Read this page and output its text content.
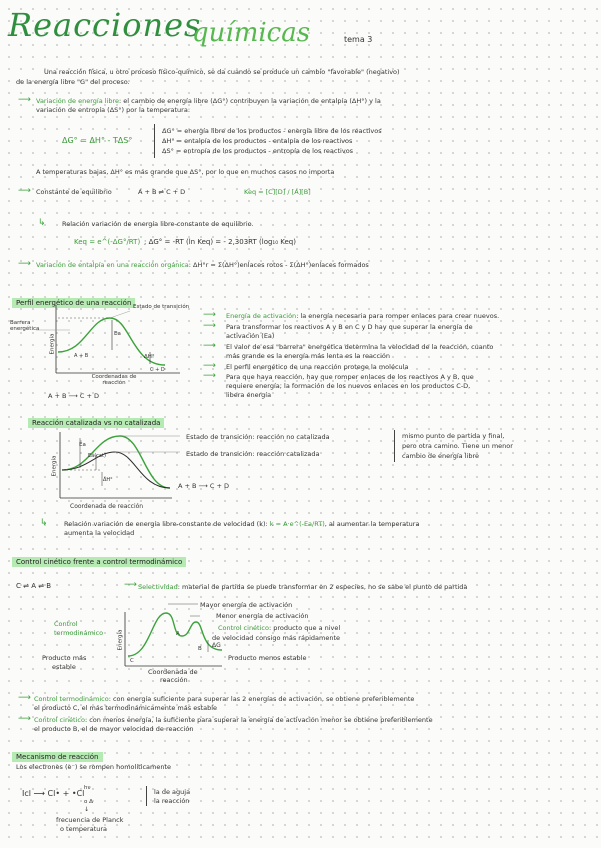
Reacciones
químicas	tema 3
Una reacción física, u otro proceso físico-químico, se da cuando se produce un cambio "favorable" (negativo)
de la energía libre "G" del proceso.
⟶ Variación de energía libre: el cambio de energía libre (ΔG°) contribuyen la variación de entalpía (ΔH°) y la
variación de entropía (ΔS°) por la temperatura:
ΔG° = ΔH° - TΔS°
ΔG° = energía libre de los productos - energía libre de los reactivos
ΔH° = entalpía de los productos - entalpía de los reactivos
ΔS° = entropía de los productos - entropía de los reactivos
A temperaturas bajas, ΔH° es más grande que ΔS°, por lo que en muchos casos no importa
⟶ Constante de equilibrio	A + B ⇌ C + D	Keq = [C][D] / [A][B]
↳	Relación variación de energía libre-constante de equilibrio.
Keq = e^(-ΔG°/RT) ; ΔG° = -RT (ln Keq) = - 2,303RT (log₁₀ Keq)
⟶ Variación de entalpía en una reacción orgánica: ΔH°r = Σ(ΔH°)enlaces rotos - Σ(ΔH°)enlaces formados
Perfil energético de una reacción Estado de transición
Barrera energética
Energía
A + B
C + D
Ea
ΔH°
Coordenadas de reacción
A + B ⟶ C + D
⟶ Energía de activación: la energía necesaria para romper enlaces para crear nuevos.
⟶ Para transformar los reactivos A y B en C y D hay que superar la energía de
activación (Ea)
⟶ El valor de esa "barrera" energética determina la velocidad de la reacción, cuanto
más grande es la energía más lenta es la reacción
⟶ El perfil energético de una reacción protege la molécula
⟶ Para que haya reacción, hay que romper enlaces de los reactivos A y B, que
requiere energía; la formación de los nuevos enlaces en los productos C-D,
libera energía
Reacción catalizada vs no catalizada
Ea
Ea(cat)
ΔH°
Energía
Coordenada de reacción
A + B ⟶ C + D
Estado de transición: reacción no catalizada
Estado de transición: reacción catalizada
mismo punto de partida y final,
pero otra camino. Tiene un menor
cambio de energía libre
↳	Relación variación de energía libre-constante de velocidad (k): k = A·e^(-Ea/RT), al aumentar la temperatura
aumenta la velocidad
Control cinético frente a control termodinámico
C ⇌ A ⇌ B	⟶ Selectividad: material de partida se puede transformar en 2 especies, no se sabe el punto de partida
Mayor energía de activación
Menor energía de activación
Control
termodinámico
Control cinético: producto que a nivel
de velocidad consigo más rápidamente
Energía
Producto más
estable
Producto menos estable
ΔG
A
B
C
Coordenada de
reacción
⟶ Control termodinámico: con energía suficiente para superar las 2 energías de activación, se obtiene preferiblemente
el producto C, el más termodinámicamente más estable
⟶ Control cinético: con menos energía, la suficiente para superar la energía de activación menor se obtiene preferiblemente
el producto B, el de mayor velocidad de reacción
Mecanismo de reacción
Los electrones (e⁻) se rompen homolíticamente
hν
Icl ⟶ Cl• + •Cl
o Δ
la de aguja
la reacción
↓
frecuencia de Planck
o temperatura
